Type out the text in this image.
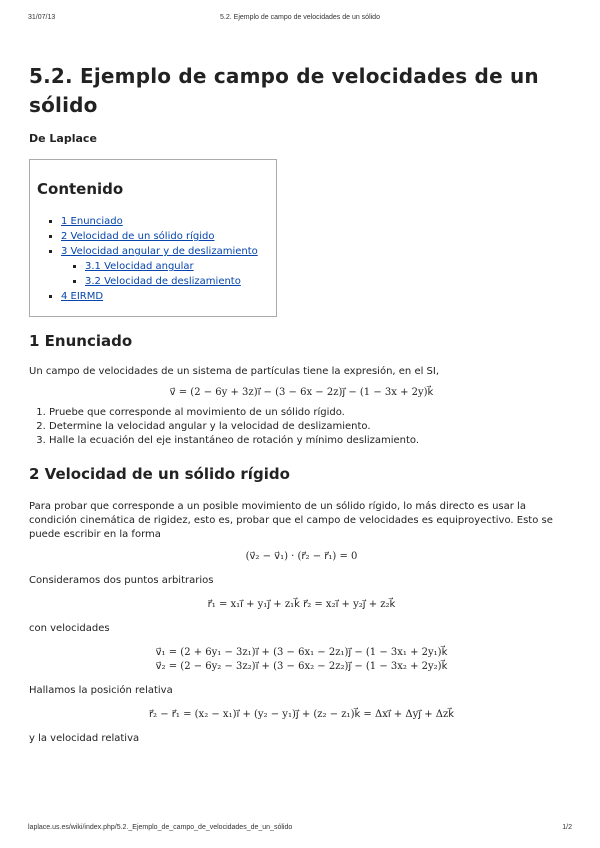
31/07/13	5.2. Ejemplo de campo de velocidades de un sólido
5.2. Ejemplo de campo de velocidades de un sólido
De Laplace
Contenido
▪ 1 Enunciado
▪ 2 Velocidad de un sólido rígido
▪ 3 Velocidad angular y de deslizamiento
▪ 3.1 Velocidad angular
▪ 3.2 Velocidad de deslizamiento
▪ 4 EIRMD
1 Enunciado

Un campo de velocidades de un sistema de partículas tiene la expresión, en el SI,

v⃗ = (2 − 6y + 3z)ı⃗ − (3 − 6x − 2z)ȷ⃗ − (1 − 3x + 2y)k⃗
1. Pruebe que corresponde al movimiento de un sólido rígido.
2. Determine la velocidad angular y la velocidad de deslizamiento.
3. Halle la ecuación del eje instantáneo de rotación y mínimo deslizamiento.
2 Velocidad de un sólido rígido

Para probar que corresponde a un posible movimiento de un sólido rígido, lo más directo es usar la condición cinemática de rigidez, esto es, probar que el campo de velocidades es equiproyectivo. Esto se puede escribir en la forma

(v⃗₂ − v⃗₁) · (r⃗₂ − r⃗₁) = 0

Consideramos dos puntos arbitrarios

r⃗₁ = x₁ı⃗ + y₁ȷ⃗ + z₁k⃗ r⃗₂ = x₂ı⃗ + y₂ȷ⃗ + z₂k⃗

con velocidades

v⃗₁ = (2 + 6y₁ − 3z₁)ı⃗ + (3 − 6x₁ − 2z₁)ȷ⃗ − (1 − 3x₁ + 2y₁)k⃗
v⃗₂ = (2 − 6y₂ − 3z₂)ı⃗ + (3 − 6x₂ − 2z₂)ȷ⃗ − (1 − 3x₂ + 2y₂)k⃗

Hallamos la posición relativa

r⃗₂ − r⃗₁ = (x₂ − x₁)ı⃗ + (y₂ − y₁)ȷ⃗ + (z₂ − z₁)k⃗ = Δxı⃗ + Δyȷ⃗ + Δzk⃗

y la velocidad relativa

laplace.us.es/wiki/index.php/5.2._Ejemplo_de_campo_de_velocidades_de_un_sólido	1/2
